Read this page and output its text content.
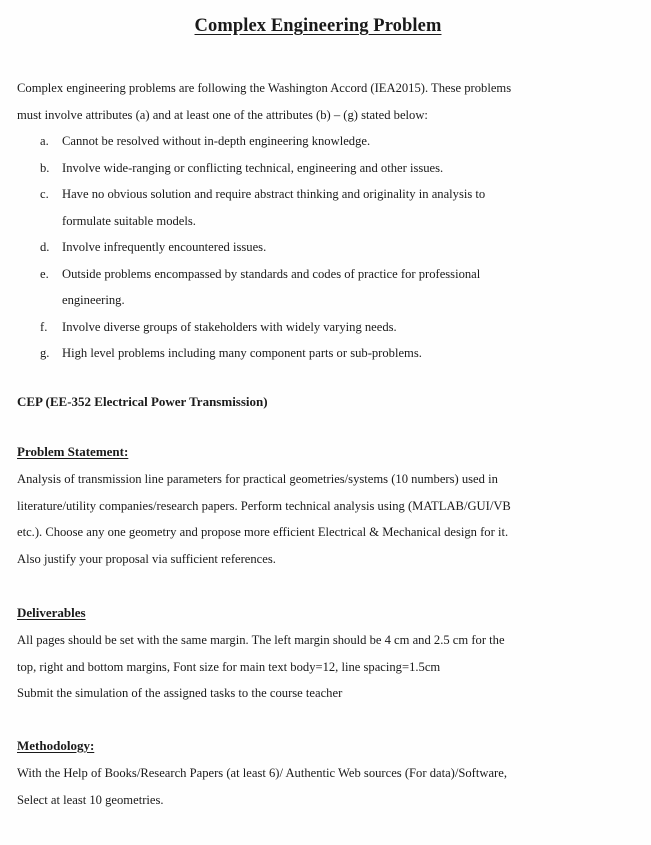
Complex Engineering Problem
Complex engineering problems are following the Washington Accord (IEA2015). These problems
must involve attributes (a) and at least one of the attributes (b) – (g) stated below:
a.	Cannot be resolved without in-depth engineering knowledge.
b. Involve wide-ranging or conflicting technical, engineering and other issues.
c.	Have no obvious solution and require abstract thinking and originality in analysis to
formulate suitable models.
d. Involve infrequently encountered issues.
e.	Outside problems encompassed by standards and codes of practice for professional
engineering.
f.	Involve diverse groups of stakeholders with widely varying needs.
g. High level problems including many component parts or sub-problems.
CEP (EE-352 Electrical Power Transmission)
Problem Statement:
Analysis of transmission line parameters for practical geometries/systems (10 numbers) used in
literature/utility companies/research papers. Perform technical analysis using (MATLAB/GUI/VB
etc.). Choose any one geometry and propose more efficient Electrical & Mechanical design for it.
Also justify your proposal via sufficient references.
Deliverables
All pages should be set with the same margin. The left margin should be 4 cm and 2.5 cm for the
top, right and bottom margins, Font size for main text body=12, line spacing=1.5cm
Submit the simulation of the assigned tasks to the course teacher
Methodology:
With the Help of Books/Research Papers (at least 6)/ Authentic Web sources (For data)/Software,
Select at least 10 geometries.
